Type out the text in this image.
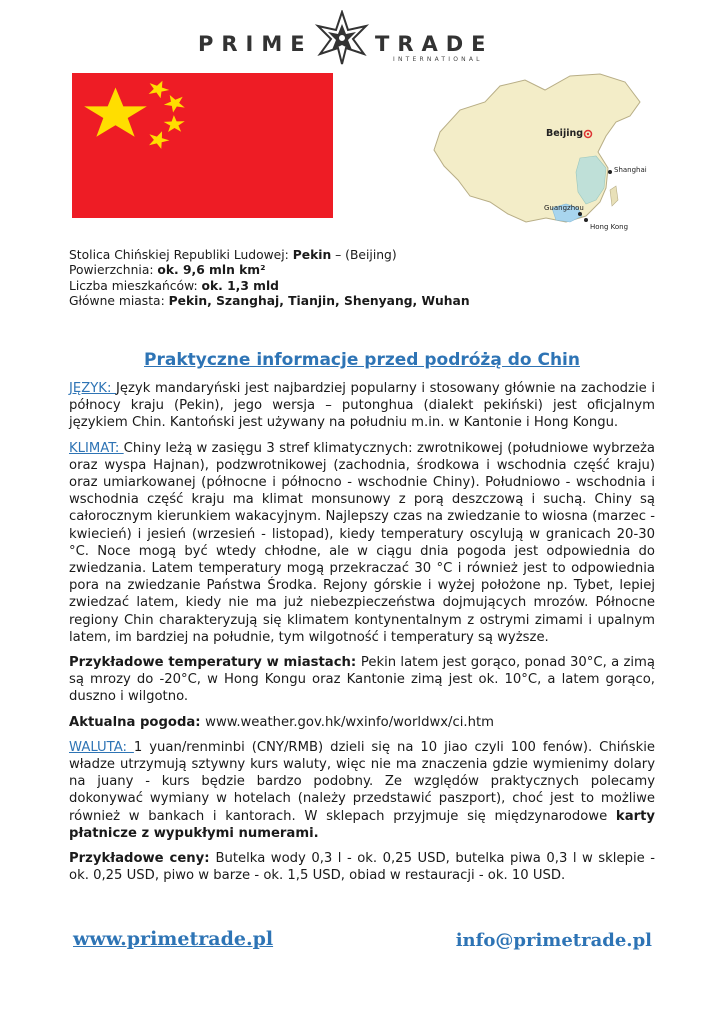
PRIME	TRADE
INTERNATIONAL
Beijing
Shanghai
Guangzhou
Hong Kong
Stolica Chińskiej Republiki Ludowej: Pekin – (Beijing)
Powierzchnia: ok. 9,6 mln km²
Liczba mieszkańców: ok. 1,3 mld
Główne miasta: Pekin, Szanghaj, Tianjin, Shenyang, Wuhan
Praktyczne informacje przed podróżą do Chin

JĘZYK: Język mandaryński jest najbardziej popularny i stosowany głównie na zachodzie i północy kraju (Pekin), jego wersja – putonghua (dialekt pekiński) jest oficjalnym językiem Chin. Kantoński jest używany na południu m.in. w Kantonie i Hong Kongu.

KLIMAT: Chiny leżą w zasięgu 3 stref klimatycznych: zwrotnikowej (południowe wybrzeża oraz wyspa Hajnan), podzwrotnikowej (zachodnia, środkowa i wschodnia część kraju) oraz umiarkowanej (północne i północno - wschodnie Chiny). Południowo - wschodnia i wschodnia część kraju ma klimat monsunowy z porą deszczową i suchą. Chiny są całorocznym kierunkiem wakacyjnym. Najlepszy czas na zwiedzanie to wiosna (marzec - kwiecień) i jesień (wrzesień - listopad), kiedy temperatury oscylują w granicach 20-30 °C. Noce mogą być wtedy chłodne, ale w ciągu dnia pogoda jest odpowiednia do zwiedzania. Latem temperatury mogą przekraczać 30 °C i również jest to odpowiednia pora na zwiedzanie Państwa Środka. Rejony górskie i wyżej położone np. Tybet, lepiej zwiedzać latem, kiedy nie ma już niebezpieczeństwa dojmujących mrozów. Północne regiony Chin charakteryzują się klimatem kontynentalnym z ostrymi zimami i upalnym latem, im bardziej na południe, tym wilgotność i temperatury są wyższe.

Przykładowe temperatury w miastach: Pekin latem jest gorąco, ponad 30°C, a zimą są mrozy do -20°C, w Hong Kongu oraz Kantonie zimą jest ok. 10°C, a latem gorąco, duszno i wilgotno.

Aktualna pogoda: www.weather.gov.hk/wxinfo/worldwx/ci.htm

WALUTA: 1 yuan/renminbi (CNY/RMB) dzieli się na 10 jiao czyli 100 fenów). Chińskie władze utrzymują sztywny kurs waluty, więc nie ma znaczenia gdzie wymienimy dolary na juany - kurs będzie bardzo podobny. Ze względów praktycznych polecamy dokonywać wymiany w hotelach (należy przedstawić paszport), choć jest to możliwe również w bankach i kantorach. W sklepach przyjmuje się międzynarodowe karty płatnicze z wypukłymi numerami.

Przykładowe ceny: Butelka wody 0,3 l - ok. 0,25 USD, butelka piwa 0,3 l w sklepie - ok. 0,25 USD, piwo w barze - ok. 1,5 USD, obiad w restauracji - ok. 10 USD.

www.primetrade.pl	info@primetrade.pl
